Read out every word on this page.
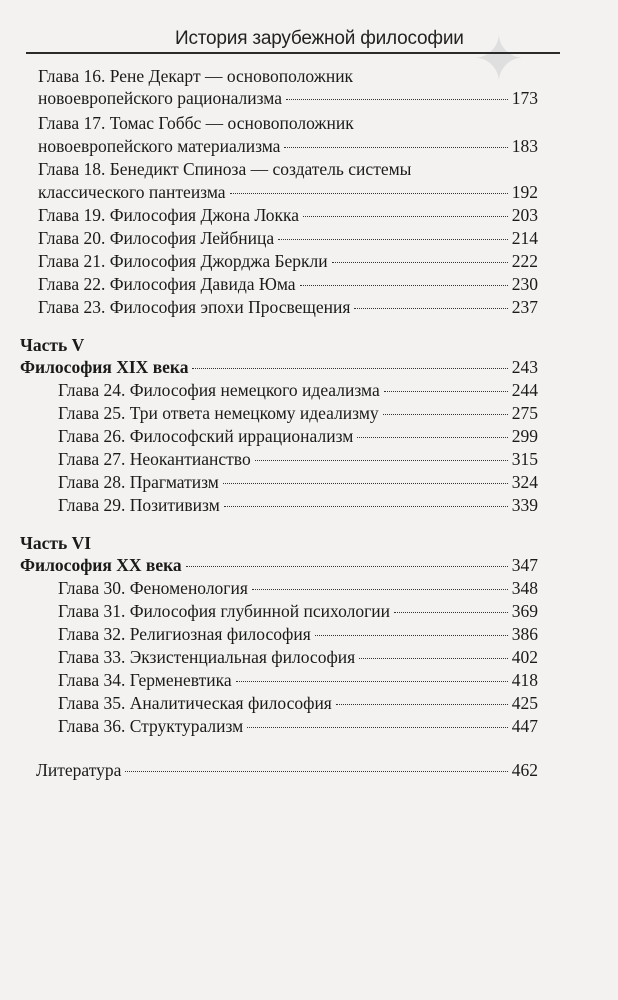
✦
История зарубежной философии
Глава 16. Рене Декарт — основоположник
новоевропейского рационализма	173
Глава 17. Томас Гоббс — основоположник
новоевропейского материализма	183
Глава 18. Бенедикт Спиноза — создатель системы
классического пантеизма	192
Глава 19. Философия Джона Локка	203
Глава 20. Философия Лейбница	214
Глава 21. Философия Джорджа Беркли	222
Глава 22. Философия Давида Юма	230
Глава 23. Философия эпохи Просвещения	237
Часть V
Философия XIX века	243
Глава 24. Философия немецкого идеализма	244
Глава 25. Три ответа немецкому идеализму	275
Глава 26. Философский иррационализм	299
Глава 27. Неокантианство	315
Глава 28. Прагматизм	324
Глава 29. Позитивизм	339
Часть VI
Философия XX века	347
Глава 30. Феноменология	348
Глава 31. Философия глубинной психологии	369
Глава 32. Религиозная философия	386
Глава 33. Экзистенциальная философия	402
Глава 34. Герменевтика	418
Глава 35. Аналитическая философия	425
Глава 36. Структурализм	447
Литература	462
